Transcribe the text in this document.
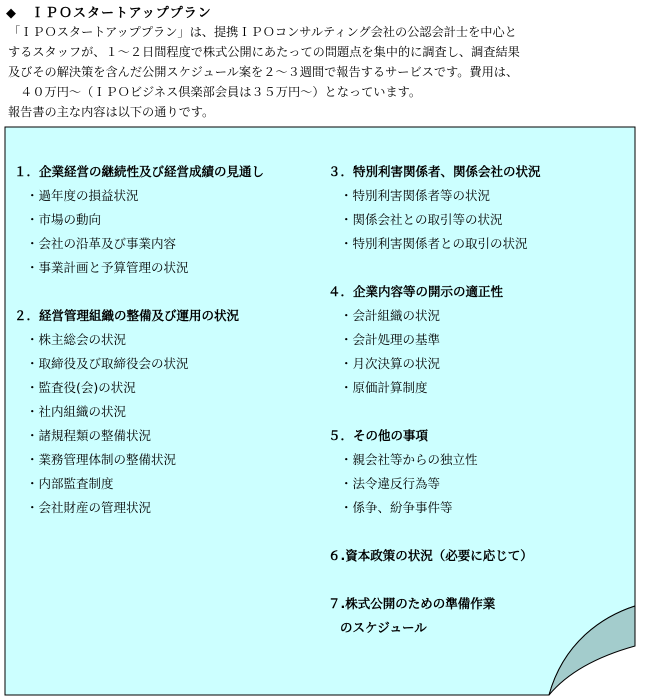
◆　ＩＰＯスタートアッププラン

「ＩＰＯスタートアッププラン」は、提携ＩＰＯコンサルティング会社の公認会計士を中心と

するスタッフが、１～２日間程度で株式公開にあたっての問題点を集中的に調査し、調査結果

及びその解決策を含んだ公開スケジュール案を２～３週間で報告するサービスです。費用は、

　４０万円～（ＩＰＯビジネス倶楽部会員は３５万円～）となっています。

報告書の主な内容は以下の通りです。

１．企業経営の継続性及び経営成績の見通し
・過年度の損益状況
・市場の動向
・会社の沿革及び事業内容
・事業計画と予算管理の状況
２．経営管理組織の整備及び運用の状況
・株主総会の状況
・取締役及び取締役会の状況
・監査役(会)の状況
・社内組織の状況
・諸規程類の整備状況
・業務管理体制の整備状況
・内部監査制度
・会社財産の管理状況
３．特別利害関係者、関係会社の状況
・特別利害関係者等の状況
・関係会社との取引等の状況
・特別利害関係者との取引の状況
４．企業内容等の開示の適正性
・会計組織の状況
・会計処理の基準
・月次決算の状況
・原価計算制度
５．その他の事項
・親会社等からの独立性
・法令違反行為等
・係争、紛争事件等
６.資本政策の状況（必要に応じて）
７.株式公開のための準備作業
のスケジュール
